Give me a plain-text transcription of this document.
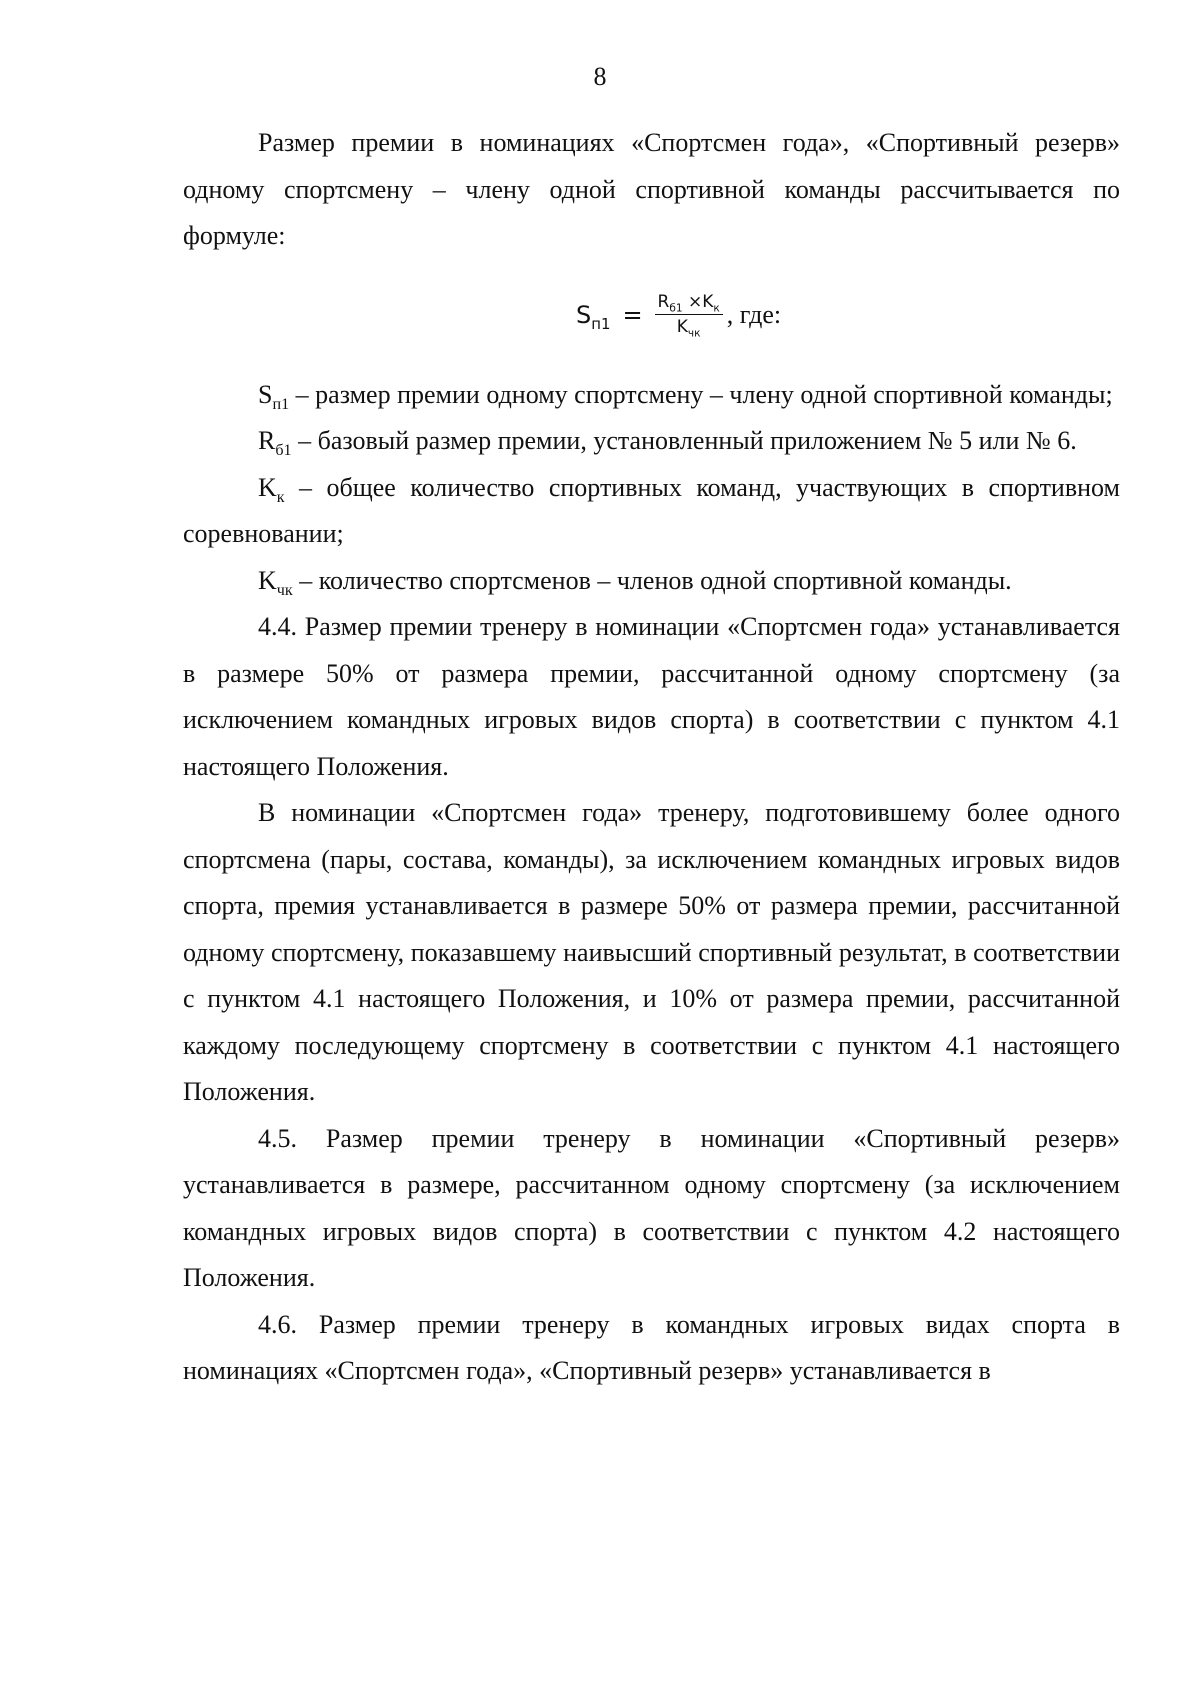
8

Размер премии в номинациях «Спортсмен года», «Спортивный резерв» одному спортсмену – члену одной спортивной команды рассчитывается по формуле:

$S_{п1} = \frac{R_{б1} \times K_к}{K_{чк}}$ , где:

$S_{п1}$ – размер премии одному спортсмену – члену одной спортивной команды;

$R_{б1}$ – базовый размер премии, установленный приложением № 5 или № 6.

$K_к$ – общее количество спортивных команд, участвующих в спортивном соревновании;

$K_{чк}$ – количество спортсменов – членов одной спортивной команды.

4.4. Размер премии тренеру в номинации «Спортсмен года» устанавливается в размере 50% от размера премии, рассчитанной одному спортсмену (за исключением командных игровых видов спорта) в соответствии с пунктом 4.1 настоящего Положения.

В номинации «Спортсмен года» тренеру, подготовившему более одного спортсмена (пары, состава, команды), за исключением командных игровых видов спорта, премия устанавливается в размере 50% от размера премии, рассчитанной одному спортсмену, показавшему наивысший спортивный результат, в соответствии с пунктом 4.1 настоящего Положения, и 10% от размера премии, рассчитанной каждому последующему спортсмену в соответствии с пунктом 4.1 настоящего Положения.

4.5. Размер премии тренеру в номинации «Спортивный резерв» устанавливается в размере, рассчитанном одному спортсмену (за исключением командных игровых видов спорта) в соответствии с пунктом 4.2 настоящего Положения.

4.6. Размер премии тренеру в командных игровых видах спорта в номинациях «Спортсмен года», «Спортивный резерв» устанавливается в
